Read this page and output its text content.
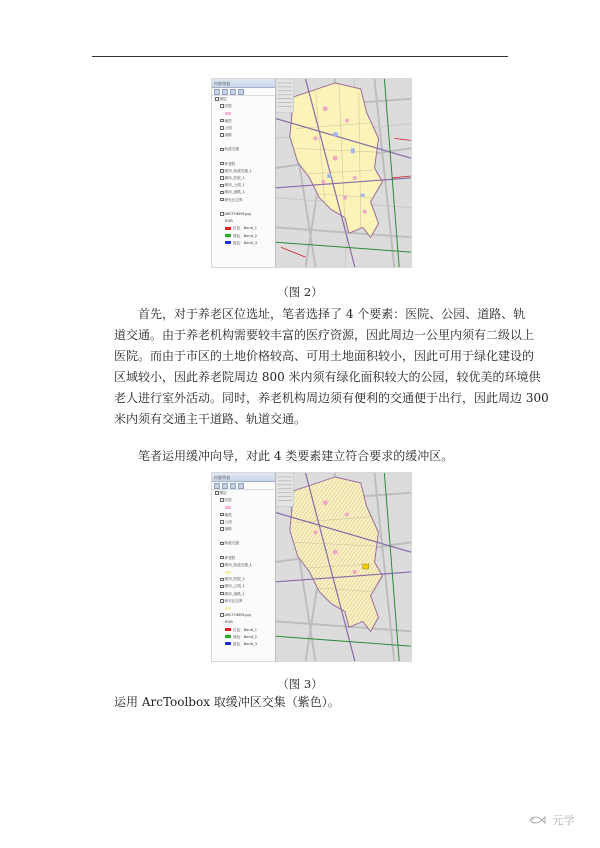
内容列表
图层
医院
地铁
公园
道路
轨道交通
养老院
缓冲_轨道交通_1
缓冲_医院_1
缓冲_公园_1
缓冲_道路_1
研究区边界
ARCTOKEN.jpg
RGB
红色：Band_1
绿色：Band_2
蓝色：Band_3
（图 2）
首先，对于养老区位选址，笔者选择了 4 个要素：医院、公园、道路、轨
道交通。由于养老机构需要较丰富的医疗资源，因此周边一公里内须有二级以上
医院。而由于市区的土地价格较高、可用土地面积较小，因此可用于绿化建设的
区域较小，因此养老院周边 800 米内须有绿化面积较大的公园，较优美的环境供
老人进行室外活动。同时，养老机构周边须有便利的交通便于出行，因此周边 300
米内须有交通主干道路、轨道交通。
笔者运用缓冲向导，对此 4 类要素建立符合要求的缓冲区。
内容列表
图层
医院
地铁
公园
道路
轨道交通
养老院
缓冲_轨道交通_1
缓冲_医院_1
缓冲_公园_1
缓冲_道路_1
研究区边界
ARCTOKEN.jpg
RGB
红色：Band_1
绿色：Band_2
蓝色：Band_3
（图 3）
运用 ArcToolbox 取缓冲区交集（紫色）。
元学
